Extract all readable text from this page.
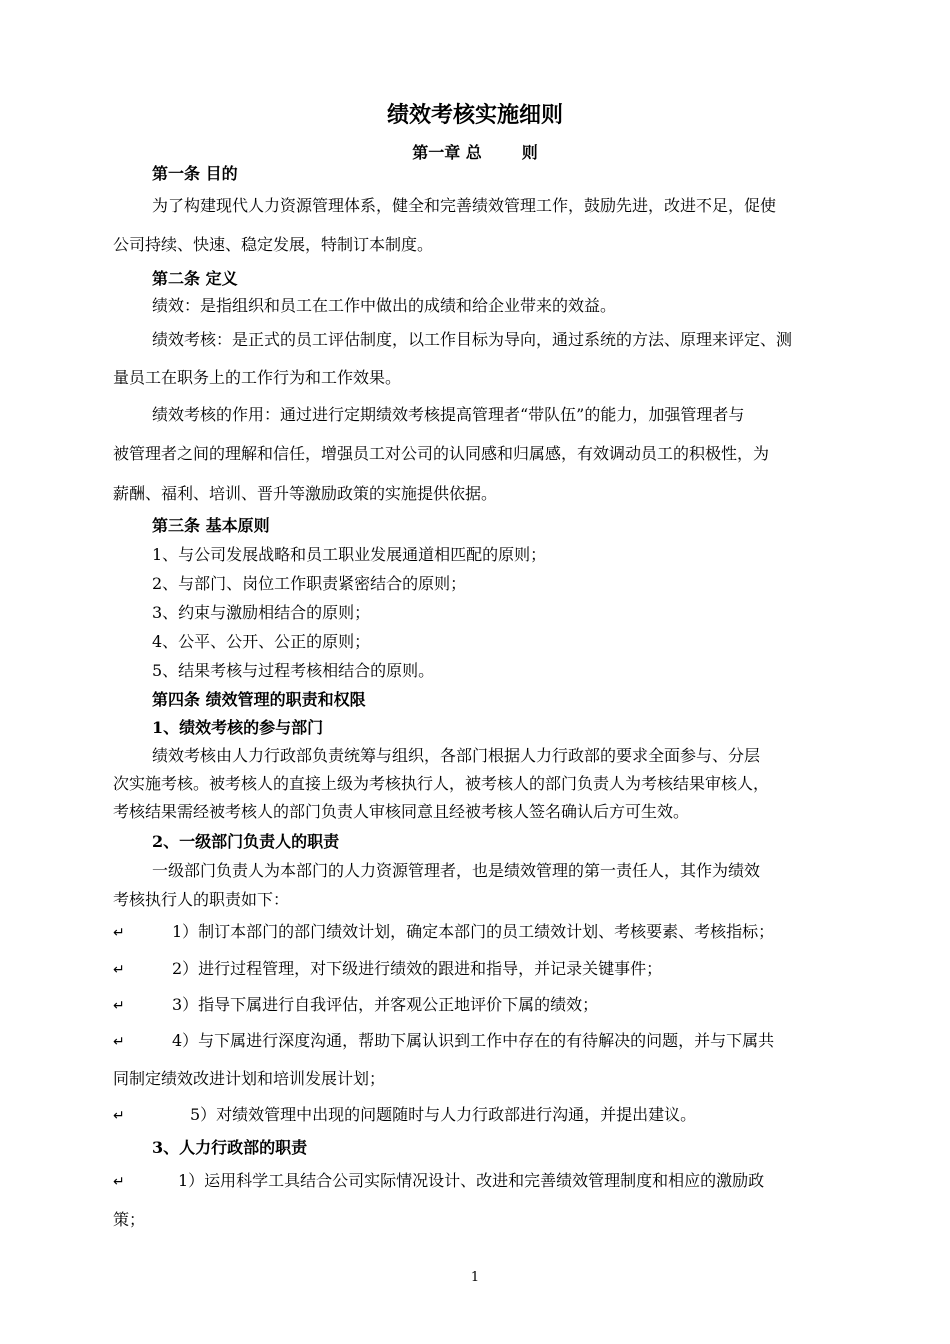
绩效考核实施细则
第一章 总	则
第一条 目的
为了构建现代人力资源管理体系，健全和完善绩效管理工作，鼓励先进，改进不足，促使
公司持续、快速、稳定发展，特制订本制度。
第二条 定义
绩效：是指组织和员工在工作中做出的成绩和给企业带来的效益。
绩效考核：是正式的员工评估制度，以工作目标为导向，通过系统的方法、原理来评定、测
量员工在职务上的工作行为和工作效果。
绩效考核的作用：通过进行定期绩效考核提高管理者“带队伍”的能力，加强管理者与
被管理者之间的理解和信任，增强员工对公司的认同感和归属感，有效调动员工的积极性，为
薪酬、福利、培训、晋升等激励政策的实施提供依据。
第三条 基本原则
1、与公司发展战略和员工职业发展通道相匹配的原则；
2、与部门、岗位工作职责紧密结合的原则；
3、约束与激励相结合的原则；
4、公平、公开、公正的原则；
5、结果考核与过程考核相结合的原则。
第四条 绩效管理的职责和权限
1、绩效考核的参与部门
绩效考核由人力行政部负责统筹与组织，各部门根据人力行政部的要求全面参与、分层
次实施考核。被考核人的直接上级为考核执行人，被考核人的部门负责人为考核结果审核人，
考核结果需经被考核人的部门负责人审核同意且经被考核人签名确认后方可生效。
2、一级部门负责人的职责
一级部门负责人为本部门的人力资源管理者，也是绩效管理的第一责任人，其作为绩效
考核执行人的职责如下：
↵	1）制订本部门的部门绩效计划，确定本部门的员工绩效计划、考核要素、考核指标；
↵	2）进行过程管理，对下级进行绩效的跟进和指导，并记录关键事件；
↵	3）指导下属进行自我评估，并客观公正地评价下属的绩效；
↵	4）与下属进行深度沟通，帮助下属认识到工作中存在的有待解决的问题，并与下属共
同制定绩效改进计划和培训发展计划；
↵	5）对绩效管理中出现的问题随时与人力行政部进行沟通，并提出建议。
3、人力行政部的职责
↵	1）运用科学工具结合公司实际情况设计、改进和完善绩效管理制度和相应的激励政
策；
1
